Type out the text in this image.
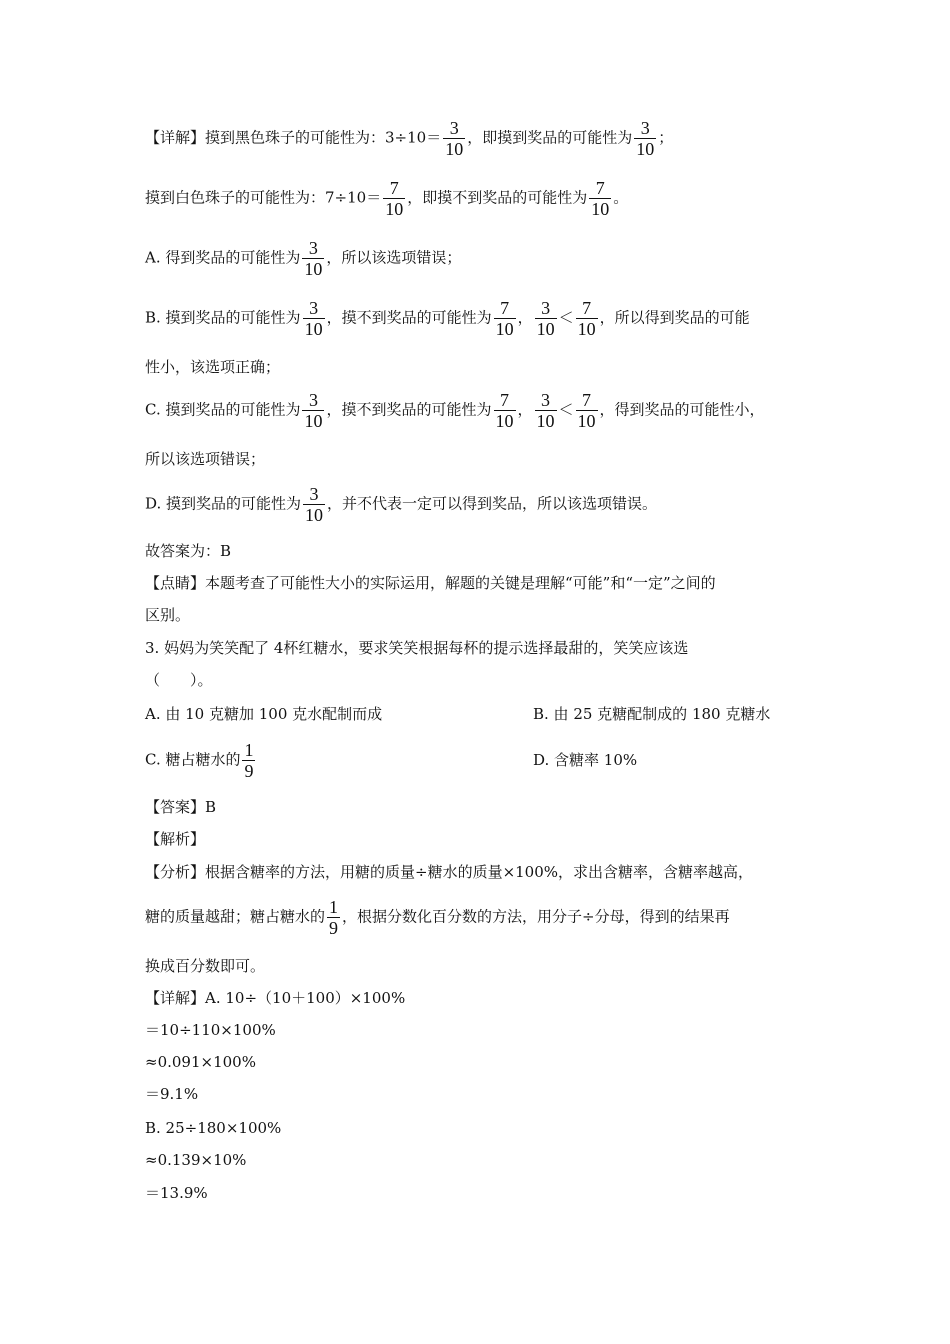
【详解】摸到黑色珠子的可能性为：$3\div 10= \frac{3}{10}$ ，即摸到奖品的可能性为 $\frac{3}{10}$ ；
摸到白色珠子的可能性为：$7\div 10= \frac{7}{10}$ ，即摸不到奖品的可能性为 $\frac{7}{10}$ 。
A. 得到奖品的可能性为 $\frac{3}{10}$ ，所以该选项错误；
B. 摸到奖品的可能性为 $\frac{3}{10}$ ，摸不到奖品的可能性为 $\frac{7}{10}$ ， $\frac{3}{10} < \frac{7}{10}$ ，所以得到奖品的可能
性小，该选项正确；
C. 摸到奖品的可能性为 $\frac{3}{10}$ ，摸不到奖品的可能性为 $\frac{7}{10}$ ， $\frac{3}{10} < \frac{7}{10}$ ，得到奖品的可能性小，
所以该选项错误；
D. 摸到奖品的可能性为 $\frac{3}{10}$ ，并不代表一定可以得到奖品，所以该选项错误。
故答案为：B
【点睛】本题考查了可能性大小的实际运用，解题的关键是理解“可能”和“一定”之间的
区别。
3. 妈妈为笑笑配了 4杯红糖水，要求笑笑根据每杯的提示选择最甜的，笑笑应该选
（　　）。
A. 由 10 克糖加 100 克水配制而成	B. 由 25 克糖配制成的 180 克糖水
C. 糖占糖水的 $\frac{1}{9}$	D. 含糖率 10%
【答案】B
【解析】
【分析】根据含糖率的方法，用糖的质量÷糖水的质量×100%，求出含糖率，含糖率越高，
糖的质量越甜；糖占糖水的 $\frac{1}{9}$ ，根据分数化百分数的方法，用分子÷分母，得到的结果再
换成百分数即可。
【详解】A. 10÷（10＋100）×100%
＝10÷110×100%
≈0.091×100%
＝9.1%
B. 25÷180×100%
≈0.139×10%
＝13.9%
